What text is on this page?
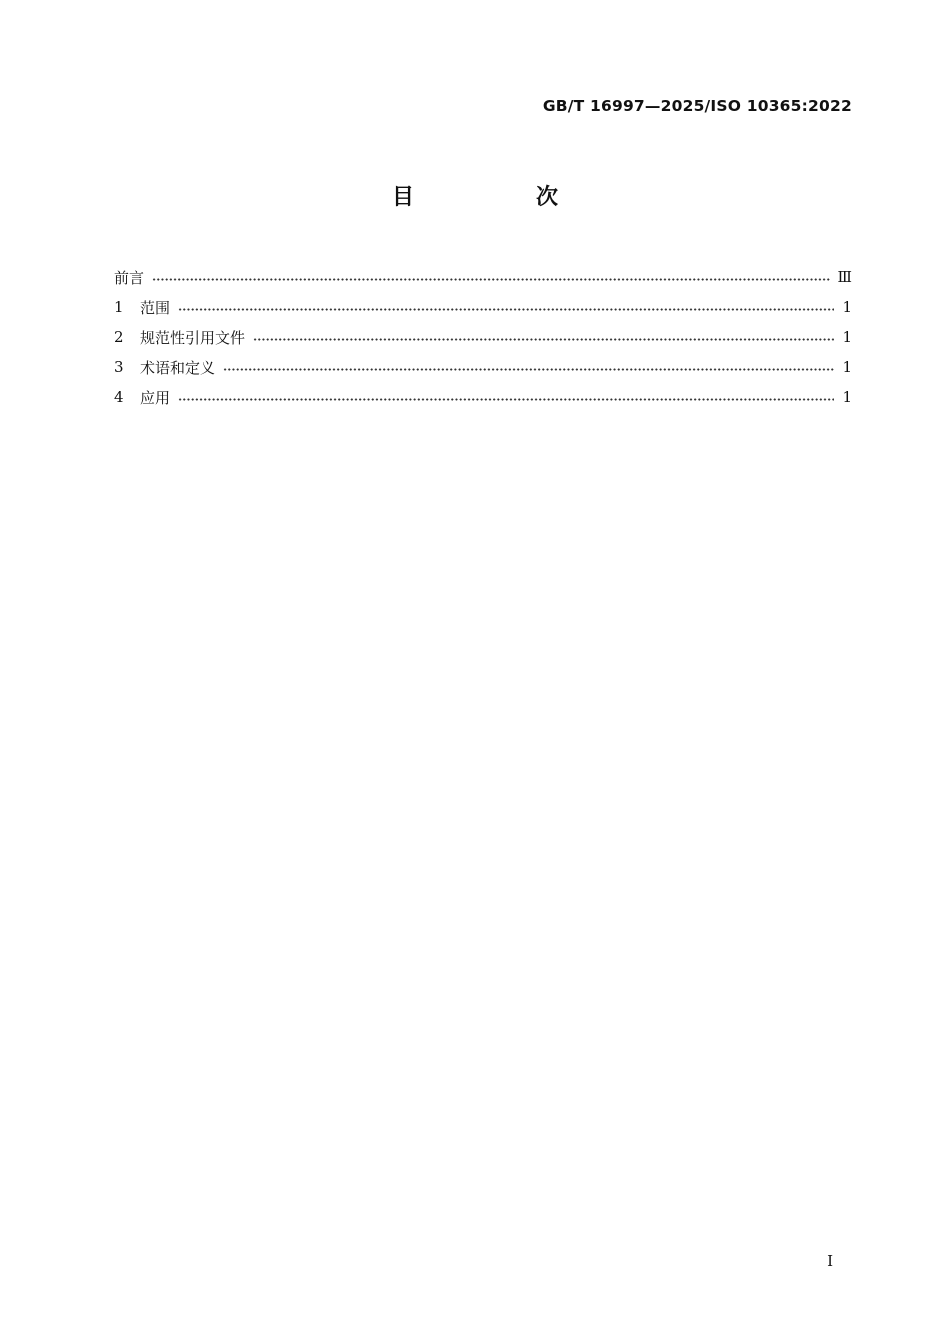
GB/T 16997—2025/ISO 10365:2022
目　次
前言	Ⅲ
1	范围	1
2	规范性引用文件	1
3	术语和定义	1
4	应用	1
I
